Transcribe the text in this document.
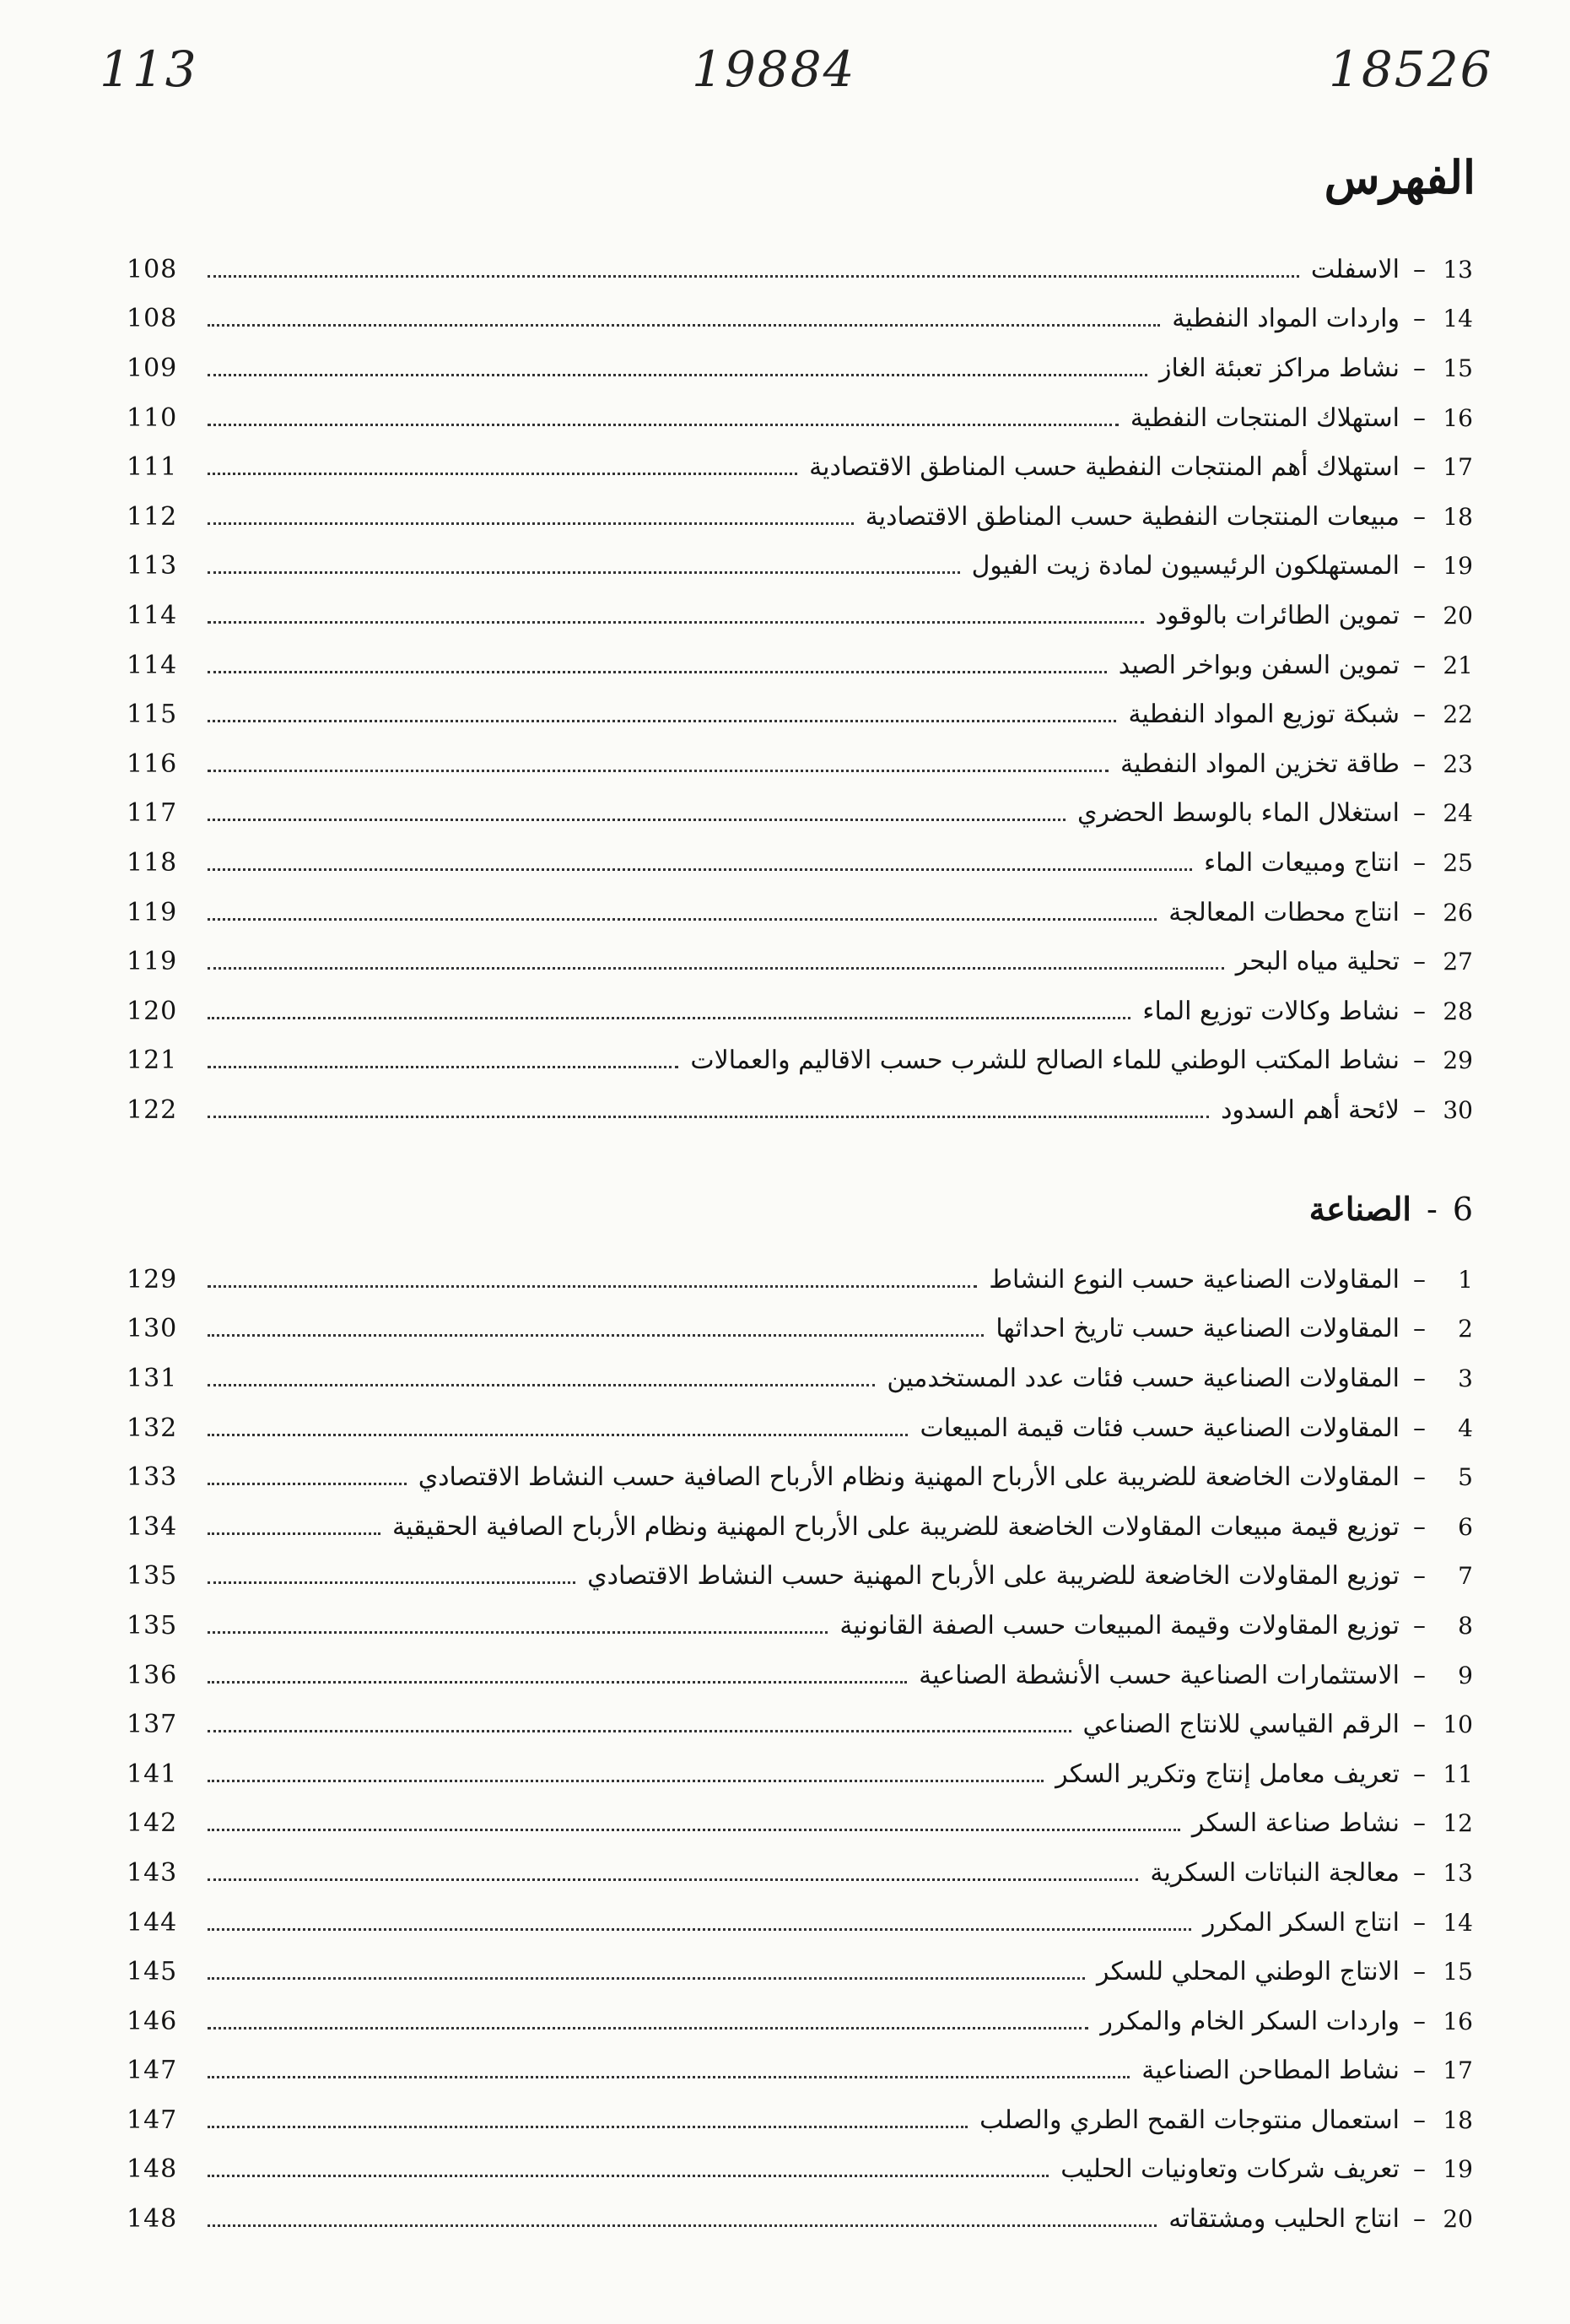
113	19884	18526
الفهرس
13
–
الاسفلت
108
14
–
واردات المواد النفطية
108
15
–
نشاط مراكز تعبئة الغاز
109
16
–
استهلاك المنتجات النفطية
110
17
–
استهلاك أهم المنتجات النفطية حسب المناطق الاقتصادية
111
18
–
مبيعات المنتجات النفطية حسب المناطق الاقتصادية
112
19
–
المستهلكون الرئيسيون لمادة زيت الفيول
113
20
–
تموين الطائرات بالوقود
114
21
–
تموين السفن وبواخر الصيد
114
22
–
شبكة توزيع المواد النفطية
115
23
–
طاقة تخزين المواد النفطية
116
24
–
استغلال الماء بالوسط الحضري
117
25
–
انتاج ومبيعات الماء
118
26
–
انتاج محطات المعالجة
119
27
–
تحلية مياه البحر
119
28
–
نشاط وكالات توزيع الماء
120
29
–
نشاط المكتب الوطني للماء الصالح للشرب حسب الاقاليم والعمالات
121
30
–
لائحة أهم السدود
122
6
-
الصناعة
1
–
المقاولات الصناعية حسب النوع النشاط
129
2
–
المقاولات الصناعية حسب تاريخ احداثها
130
3
–
المقاولات الصناعية حسب فئات عدد المستخدمين
131
4
–
المقاولات الصناعية حسب فئات قيمة المبيعات
132
5
–
المقاولات الخاضعة للضريبة على الأرباح المهنية ونظام الأرباح الصافية حسب النشاط الاقتصادي
133
6
–
توزيع قيمة مبيعات المقاولات الخاضعة للضريبة على الأرباح المهنية ونظام الأرباح الصافية الحقيقية
134
7
–
توزيع المقاولات الخاضعة للضريبة على الأرباح المهنية حسب النشاط الاقتصادي
135
8
–
توزيع المقاولات وقيمة المبيعات حسب الصفة القانونية
135
9
–
الاستثمارات الصناعية حسب الأنشطة الصناعية
136
10
–
الرقم القياسي للانتاج الصناعي
137
11
–
تعريف معامل إنتاج وتكرير السكر
141
12
–
نشاط صناعة السكر
142
13
–
معالجة النباتات السكرية
143
14
–
انتاج السكر المكرر
144
15
–
الانتاج الوطني المحلي للسكر
145
16
–
واردات السكر الخام والمكرر
146
17
–
نشاط المطاحن الصناعية
147
18
–
استعمال منتوجات القمح الطري والصلب
147
19
–
تعريف شركات وتعاونيات الحليب
148
20
–
انتاج الحليب ومشتقاته
148
